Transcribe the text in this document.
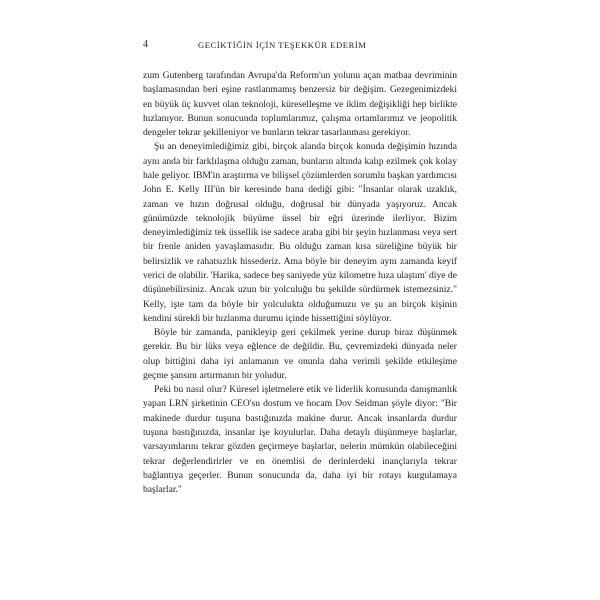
4	GECİKTİĞİN İÇİN TEŞEKKÜR EDERİM

zum Gutenberg tarafından Avrupa'da Reform'un yolunu açan matbaa devriminin başlamasından beri eşine rastlanmamış benzersiz bir değişim. Gezegenimizdeki en büyük üç kuvvet olan teknoloji, küreselleşme ve iklim değişikliği hep birlikte hızlanıyor. Bunun sonucunda toplumlarımız, çalışma ortamlarımız ve jeopolitik dengeler tekrar şekilleniyor ve bunların tekrar tasarlanması gerekiyor.

Şu an deneyimlediğimiz gibi, birçok alanda birçok konuda değişimin hızında aynı anda bir farklılaşma olduğu zaman, bunların altında kalıp ezilmek çok kolay hale geliyor. IBM'in araştırma ve bilişsel çözümlerden sorumlu başkan yardımcısı John E. Kelly III'ün bir keresinde bana dediği gibi: "İnsanlar olarak uzaklık, zaman ve hızın doğrusal olduğu, doğrusal bir dünyada yaşıyoruz. Ancak günümüzde teknolojik büyüme üssel bir eğri üzerinde ilerliyor. Bizim deneyimlediğimiz tek üssellik ise sadece araba gibi bir şeyin hızlanması veya sert bir frenle aniden yavaşlamasıdır. Bu olduğu zaman kısa süreliğine büyük bir belirsizlik ve rahatsızlık hissederiz. Ama böyle bir deneyim aynı zamanda keyif verici de olabilir. 'Harika, sadece beş saniyede yüz kilometre hıza ulaştım' diye de düşünebilirsiniz. Ancak uzun bir yolculuğu bu şekilde sürdürmek istemezsiniz." Kelly, işte tam da böyle bir yolculukta olduğumuzu ve şu an birçok kişinin kendini sürekli bir hızlanma durumu içinde hissettiğini söylüyor.

Böyle bir zamanda, panikleyip geri çekilmek yerine durup biraz düşünmek gerekir. Bu bir lüks veya eğlence de değildir. Bu, çevremizdeki dünyada neler olup bittiğini daha iyi anlamanın ve onunla daha verimli şekilde etkileşime geçme şansını artırmanın bir yoludur.

Peki bu nasıl olur? Küresel işletmelere etik ve liderlik konusunda danışmanlık yapan LRN şirketinin CEO'su dostum ve hocam Dov Seidman şöyle diyor: "Bir makinede durdur tuşuna bastığınızda makine durur. Ancak insanlarda durdur tuşuna bastığınızda, insanlar işe koyulurlar. Daha detaylı düşünmeye başlarlar, varsayımlarını tekrar gözden geçirmeye başlarlar, nelerin mümkün olabileceğini tekrar değerlendirirler ve en önemlisi de derinlerdeki inançlarıyla tekrar bağlantıya geçerler. Bunun sonucunda da, daha iyi bir rotayı kurgulamaya başlarlar."
